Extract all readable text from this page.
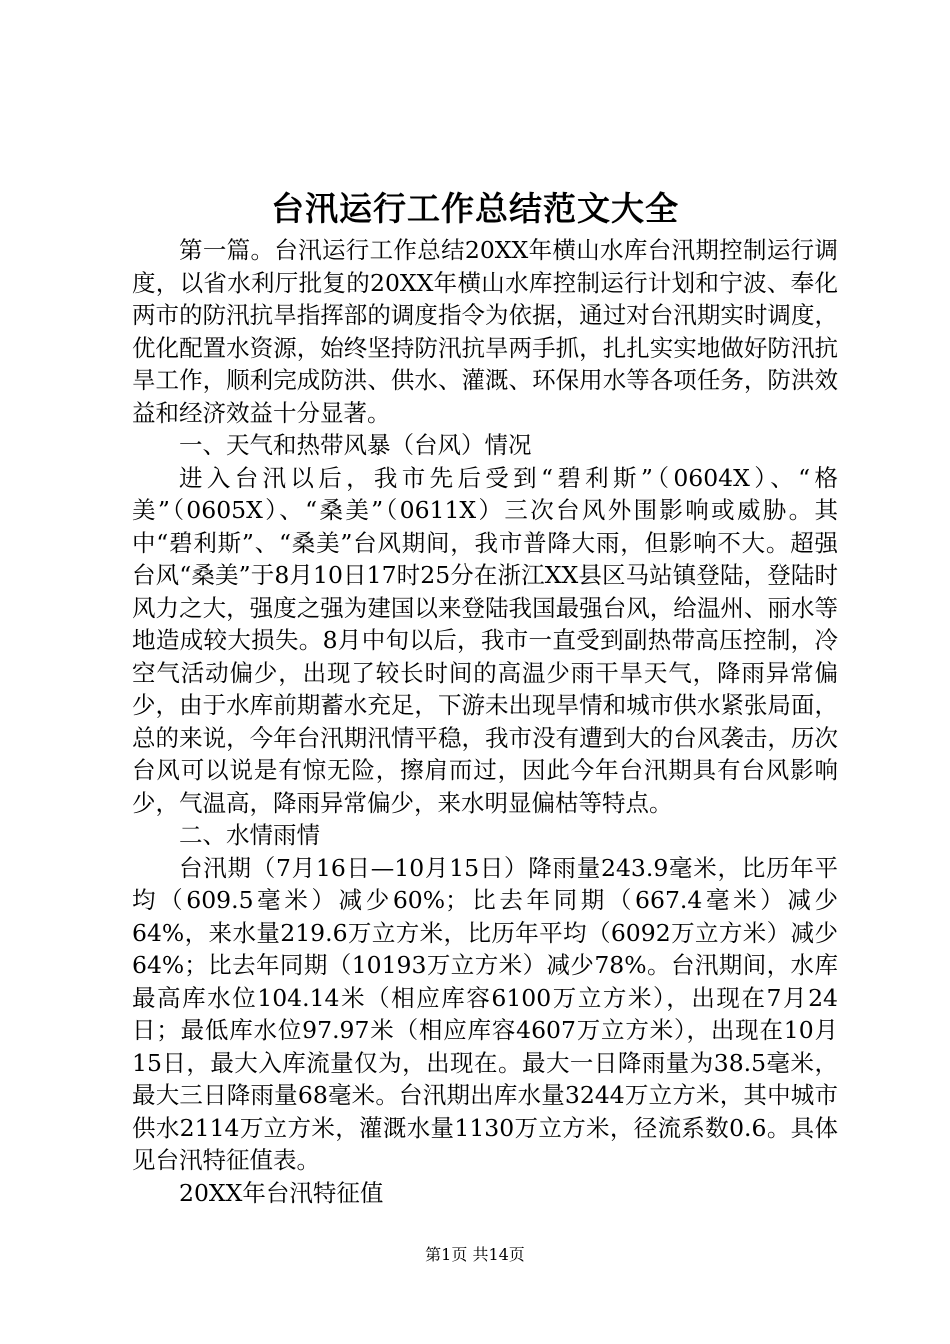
台汛运行工作总结范文大全

第一篇。台汛运行工作总结20XX年横山水库台汛期控制运行调度，以省水利厅批复的20XX年横山水库控制运行计划和宁波、奉化两市的防汛抗旱指挥部的调度指令为依据，通过对台汛期实时调度，优化配置水资源，始终坚持防汛抗旱两手抓，扎扎实实地做好防汛抗旱工作，顺利完成防洪、供水、灌溉、环保用水等各项任务，防洪效益和经济效益十分显著。

一、天气和热带风暴（台风）情况

进入台汛以后，我市先后受到“碧利斯”（0604X）、“格美”（0605X）、“桑美”（0611X）三次台风外围影响或威胁。其中“碧利斯”、“桑美”台风期间，我市普降大雨，但影响不大。超强台风“桑美”于8月10日17时25分在浙江XX县区马站镇登陆，登陆时风力之大，强度之强为建国以来登陆我国最强台风，给温州、丽水等地造成较大损失。8月中旬以后，我市一直受到副热带高压控制，冷空气活动偏少，出现了较长时间的高温少雨干旱天气，降雨异常偏少，由于水库前期蓄水充足，下游未出现旱情和城市供水紧张局面，总的来说，今年台汛期汛情平稳，我市没有遭到大的台风袭击，历次台风可以说是有惊无险，擦肩而过，因此今年台汛期具有台风影响少，气温高，降雨异常偏少，来水明显偏枯等特点。

二、水情雨情

台汛期（7月16日—10月15日）降雨量243.9毫米，比历年平均（609.5毫米）减少60%；比去年同期（667.4毫米）减少64%，来水量219.6万立方米，比历年平均（6092万立方米）减少64%；比去年同期（10193万立方米）减少78%。台汛期间，水库最高库水位104.14米（相应库容6100万立方米），出现在7月24日；最低库水位97.97米（相应库容4607万立方米），出现在10月15日，最大入库流量仅为，出现在。最大一日降雨量为38.5毫米，最大三日降雨量68毫米。台汛期出库水量3244万立方米，其中城市供水2114万立方米，灌溉水量1130万立方米，径流系数0.6。具体见台汛特征值表。

20XX年台汛特征值

第1页 共14页
